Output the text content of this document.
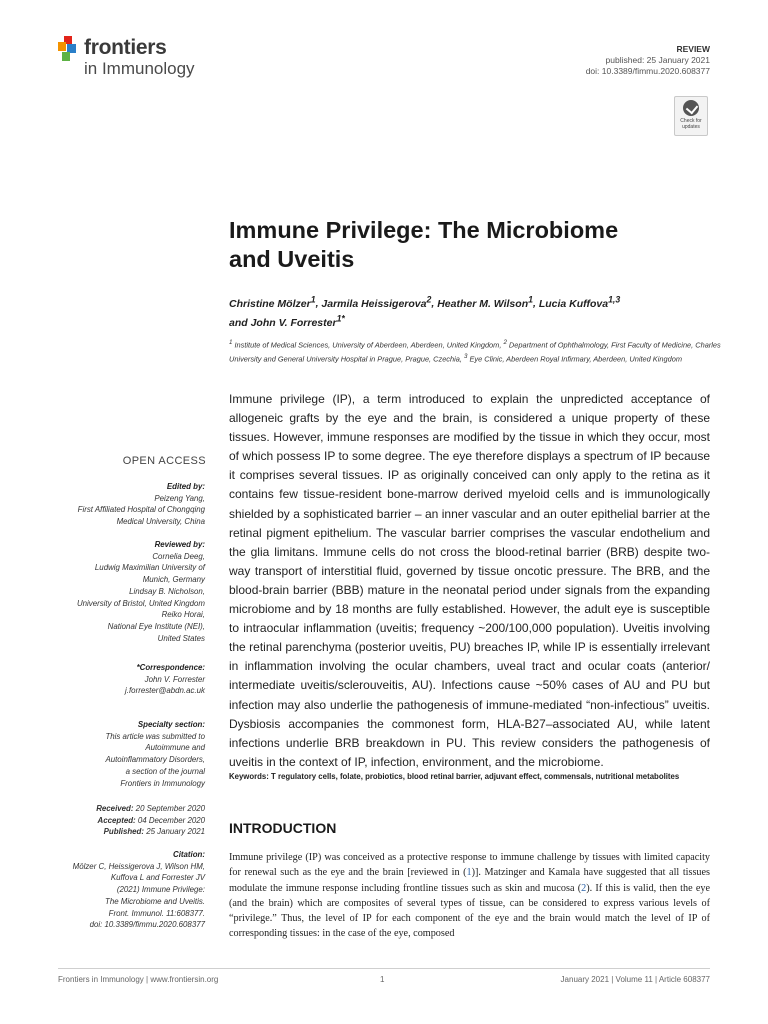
frontiers
in Immunology
REVIEW
published: 25 January 2021
doi: 10.3389/fimmu.2020.608377
Check for
updates
Immune Privilege: The Microbiome
and Uveitis
Christine Mölzer$^1$, Jarmila Heissigerova$^2$, Heather M. Wilson$^1$, Lucia Kuffova$^{1,3}$
and John V. Forrester$^{1*}$
$^1$ Institute of Medical Sciences, University of Aberdeen, Aberdeen, United Kingdom, $^2$ Department of Ophthalmology, First Faculty of Medicine, Charles University and General University Hospital in Prague, Prague, Czechia, $^3$ Eye Clinic, Aberdeen Royal Infirmary, Aberdeen, United Kingdom
Immune privilege (IP), a term introduced to explain the unpredicted acceptance of allogeneic grafts by the eye and the brain, is considered a unique property of these tissues. However, immune responses are modified by the tissue in which they occur, most of which possess IP to some degree. The eye therefore displays a spectrum of IP because it comprises several tissues. IP as originally conceived can only apply to the retina as it contains few tissue-resident bone-marrow derived myeloid cells and is immunologically shielded by a sophisticated barrier – an inner vascular and an outer epithelial barrier at the retinal pigment epithelium. The vascular barrier comprises the vascular endothelium and the glia limitans. Immune cells do not cross the blood-retinal barrier (BRB) despite two-way transport of interstitial fluid, governed by tissue oncotic pressure. The BRB, and the blood-brain barrier (BBB) mature in the neonatal period under signals from the expanding microbiome and by 18 months are fully established. However, the adult eye is susceptible to intraocular inflammation (uveitis; frequency ~200/100,000 population). Uveitis involving the retinal parenchyma (posterior uveitis, PU) breaches IP, while IP is essentially irrelevant in inflammation involving the ocular chambers, uveal tract and ocular coats (anterior/ intermediate uveitis/sclerouveitis, AU). Infections cause ~50% cases of AU and PU but infection may also underlie the pathogenesis of immune-mediated “non-infectious” uveitis. Dysbiosis accompanies the commonest form, HLA-B27–associated AU, while latent infections underlie BRB breakdown in PU. This review considers the pathogenesis of uveitis in the context of IP, infection, environment, and the microbiome.
Keywords: T regulatory cells, folate, probiotics, blood retinal barrier, adjuvant effect, commensals, nutritional metabolites
OPEN ACCESS
Edited by:
Peizeng Yang,
First Affiliated Hospital of Chongqing
Medical University, China
Reviewed by:
Cornelia Deeg,
Ludwig Maximilian University of
Munich, Germany
Lindsay B. Nicholson,
University of Bristol, United Kingdom
Reiko Horai,
National Eye Institute (NEI),
United States
*Correspondence:
John V. Forrester
j.forrester@abdn.ac.uk
Specialty section:
This article was submitted to
Autoimmune and
Autoinflammatory Disorders,
a section of the journal
Frontiers in Immunology
Received: 20 September 2020
Accepted: 04 December 2020
Published: 25 January 2021
Citation:
Mölzer C, Heissigerova J, Wilson HM,
Kuffova L and Forrester JV
(2021) Immune Privilege:
The Microbiome and Uveitis.
Front. Immunol. 11:608377.
doi: 10.3389/fimmu.2020.608377
INTRODUCTION
Immune privilege (IP) was conceived as a protective response to immune challenge by tissues with limited capacity for renewal such as the eye and the brain [reviewed in (1)]. Matzinger and Kamala have suggested that all tissues modulate the immune response including frontline tissues such as skin and mucosa (2). If this is valid, then the eye (and the brain) which are composites of several types of tissue, can be considered to express various levels of “privilege.” Thus, the level of IP for each component of the eye and the brain would match the level of IP of corresponding tissues: in the case of the eye, composed
Frontiers in Immunology | www.frontiersin.org	1	January 2021 | Volume 11 | Article 608377
